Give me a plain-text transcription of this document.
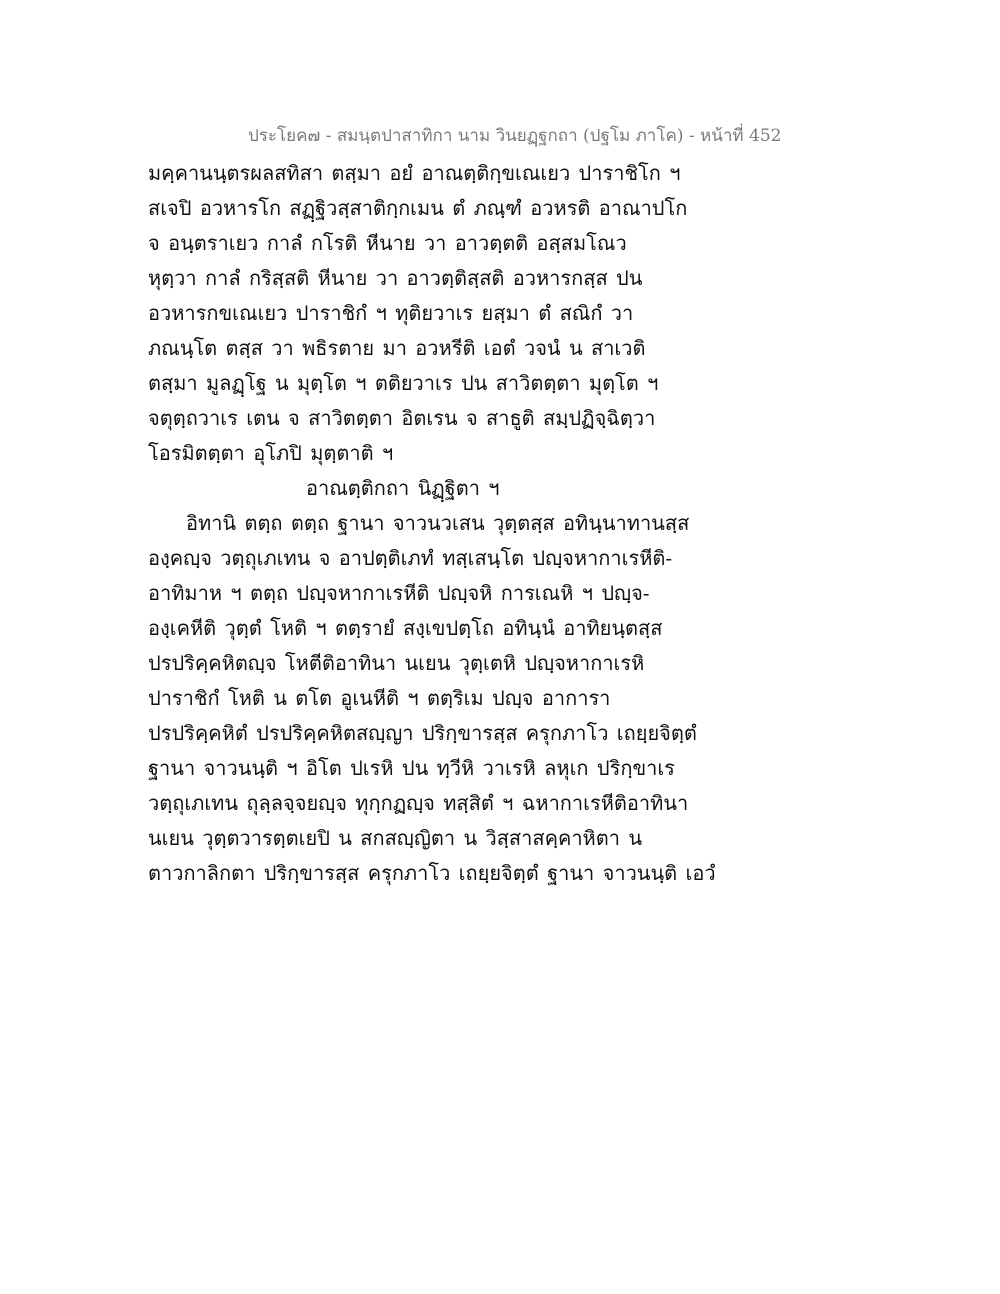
ประโยค๗ - สมนฺตปาสาทิกา นาม วินยฏฺฐกถา (ปฐโม ภาโค) - หน้าที่ 452
มคฺคานนฺตรผลสทิสา ตสฺมา อยํ อาณตฺติกฺขเณเยว ปาราชิโก ฯ
สเจปิ อวหารโก สฏฺฐิวสฺสาติกฺกเมน ตํ ภณฺฑํ อวหรติ อาณาปโก
จ อนฺตราเยว กาลํ กโรติ หีนาย วา อาวตฺตติ อสฺสมโณว
หุตฺวา กาลํ กริสฺสติ หีนาย วา อาวตฺติสฺสติ อวหารกสฺส ปน
อวหารกขเณเยว ปาราชิกํ ฯ ทุติยวาเร ยสฺมา ตํ สณิกํ วา
ภณนฺโต ตสฺส วา พธิรตาย มา อวหรีติ เอตํ วจนํ น สาเวติ
ตสฺมา มูลฏฺโฐ น มุตฺโต ฯ ตติยวาเร ปน สาวิตตฺตา มุตฺโต ฯ
จตุตฺถวาเร เตน จ สาวิตตฺตา อิตเรน จ สาธูติ สมฺปฏิจฺฉิตฺวา
โอรมิตตฺตา อุโภปิ มุตฺตาติ ฯ
อาณตฺติกถา นิฏฺฐิตา ฯ
อิทานิ ตตฺถ ตตฺถ ฐานา จาวนวเสน วุตฺตสฺส อทินฺนาทานสฺส
องฺคญฺจ วตฺถุเภเทน จ อาปตฺติเภทํ ทสฺเสนฺโต ปญฺจหากาเรหีติ-
อาทิมาห ฯ ตตฺถ ปญฺจหากาเรหีติ ปญฺจหิ การเณหิ ฯ ปญฺจ-
องฺเคหีติ วุตฺตํ โหติ ฯ ตตฺรายํ สงฺเขปตฺโถ อทินฺนํ อาทิยนฺตสฺส
ปรปริคฺคหิตญฺจ โหตีติอาทินา นเยน วุตฺเตหิ ปญฺจหากาเรหิ
ปาราชิกํ โหติ น ตโต อูเนหีติ ฯ ตตฺริเม ปญฺจ อาการา
ปรปริคฺคหิตํ ปรปริคฺคหิตสญฺญา ปริกฺขารสฺส ครุกภาโว เถยฺยจิตฺตํ
ฐานา จาวนนฺติ ฯ อิโต ปเรหิ ปน ทฺวีหิ วาเรหิ ลหุเก ปริกฺขาเร
วตฺถุเภเทน ถุลฺลจฺจยญฺจ ทุกฺกฏญฺจ ทสฺสิตํ ฯ ฉหากาเรหีติอาทินา
นเยน วุตฺตวารตฺตเยปิ น สกสญฺญิตา น วิสฺสาสคฺคาหิตา น
ตาวกาลิกตา ปริกฺขารสฺส ครุกภาโว เถยฺยจิตฺตํ ฐานา จาวนนฺติ เอวํ
